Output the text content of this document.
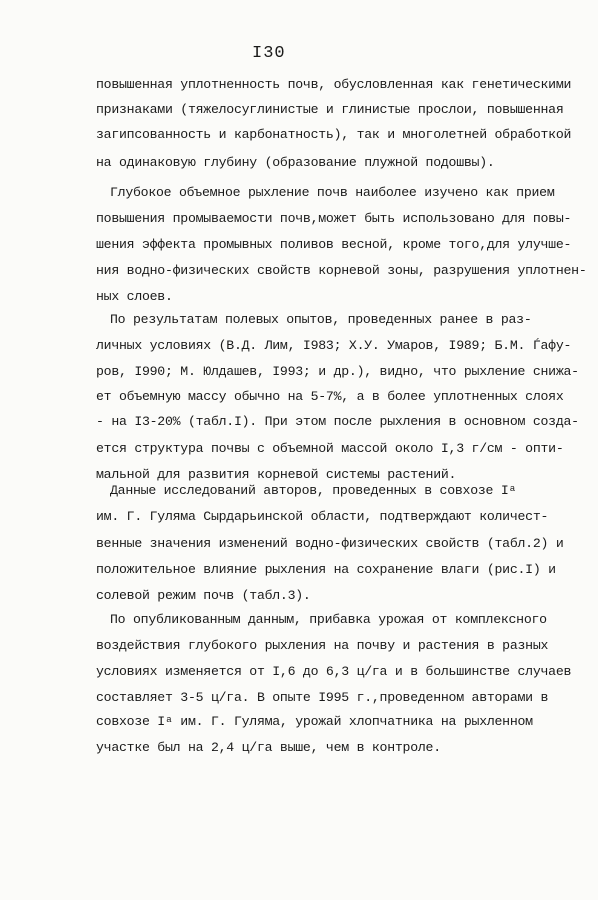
I30
повышенная уплотненность почв, обусловленная как генетическими
признаками (тяжелосуглинистые и глинистые прослои, повышенная
загипсованность и карбонатность), так и многолетней обработкой
на одинаковую глубину (образование плужной подошвы).
Глубокое объемное рыхление почв наиболее изучено как прием
повышения промываемости почв,может быть использовано для повы-
шения эффекта промывных поливов весной, кроме того,для улучше-
ния водно-физических свойств корневой зоны, разрушения уплотнен-
ных слоев.
По результатам полевых опытов, проведенных ранее в раз-
личных условиях (В.Д. Лим, I983; Х.У. Умаров, I989; Б.М. Ѓафу-
ров, I990; М. Юлдашев, I993; и др.), видно, что рыхление снижа-
ет объемную массу обычно на 5-7%, а в более уплотненных слоях
- на I3-20% (табл.I). При этом после рыхления в основном созда-
ется структура почвы с объемной массой около I,3 г/см - опти-
мальной для развития корневой системы растений.
Данные исследований авторов, проведенных в совхозе Iᵃ
им. Г. Гуляма Сырдарьинской области, подтверждают количест-
венные значения изменений водно-физических свойств (табл.2) и
положительное влияние рыхления на сохранение влаги (рис.I) и
солевой режим почв (табл.3).
По опубликованным данным, прибавка урожая от комплексного
воздействия глубокого рыхления на почву и растения в разных
условиях изменяется от I,6 до 6,3 ц/га и в большинстве случаев
составляет 3-5 ц/га. В опыте I995 г.,проведенном авторами в
совхозе Iᵃ им. Г. Гуляма, урожай хлопчатника на рыхленном
участке был на 2,4 ц/га выше, чем в контроле.
